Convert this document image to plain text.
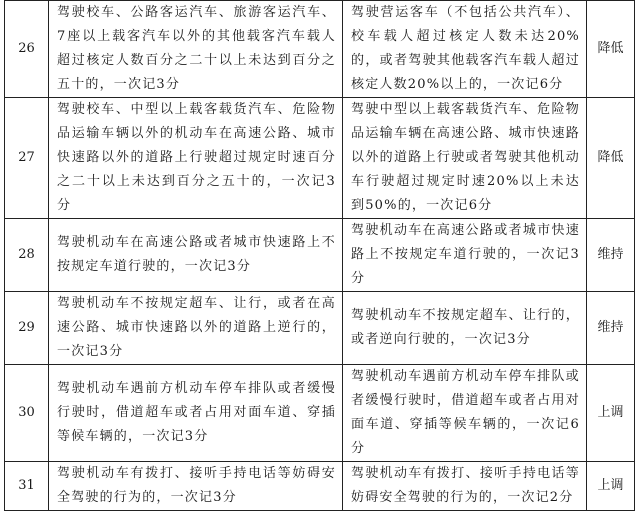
26	驾驶校车、公路客运汽车、旅游客运汽车、7座以上载客汽车以外的其他载客汽车载人超过核定人数百分之二十以上未达到百分之五十的，一次记3分	驾驶营运客车（不包括公共汽车）、校车载人超过核定人数未达20%的，或者驾驶其他载客汽车载人超过核定人数20%以上的，一次记6分	降低
27	驾驶校车、中型以上载客载货汽车、危险物品运输车辆以外的机动车在高速公路、城市快速路以外的道路上行驶超过规定时速百分之二十以上未达到百分之五十的，一次记3分	驾驶中型以上载客载货汽车、危险物品运输车辆在高速公路、城市快速路以外的道路上行驶或者驾驶其他机动车行驶超过规定时速20%以上未达到50%的，一次记6分	降低
28	驾驶机动车在高速公路或者城市快速路上不按规定车道行驶的，一次记3分	驾驶机动车在高速公路或者城市快速路上不按规定车道行驶的，一次记3分	维持
29	驾驶机动车不按规定超车、让行，或者在高速公路、城市快速路以外的道路上逆行的，一次记3分	驾驶机动车不按规定超车、让行的，或者逆向行驶的，一次记3分	维持
30	驾驶机动车遇前方机动车停车排队或者缓慢行驶时，借道超车或者占用对面车道、穿插等候车辆的，一次记3分	驾驶机动车遇前方机动车停车排队或者缓慢行驶时，借道超车或者占用对面车道、穿插等候车辆的，一次记6分	上调
31	驾驶机动车有拨打、接听手持电话等妨碍安全驾驶的行为的，一次记3分	驾驶机动车有拨打、接听手持电话等妨碍安全驾驶的行为的，一次记2分	上调
